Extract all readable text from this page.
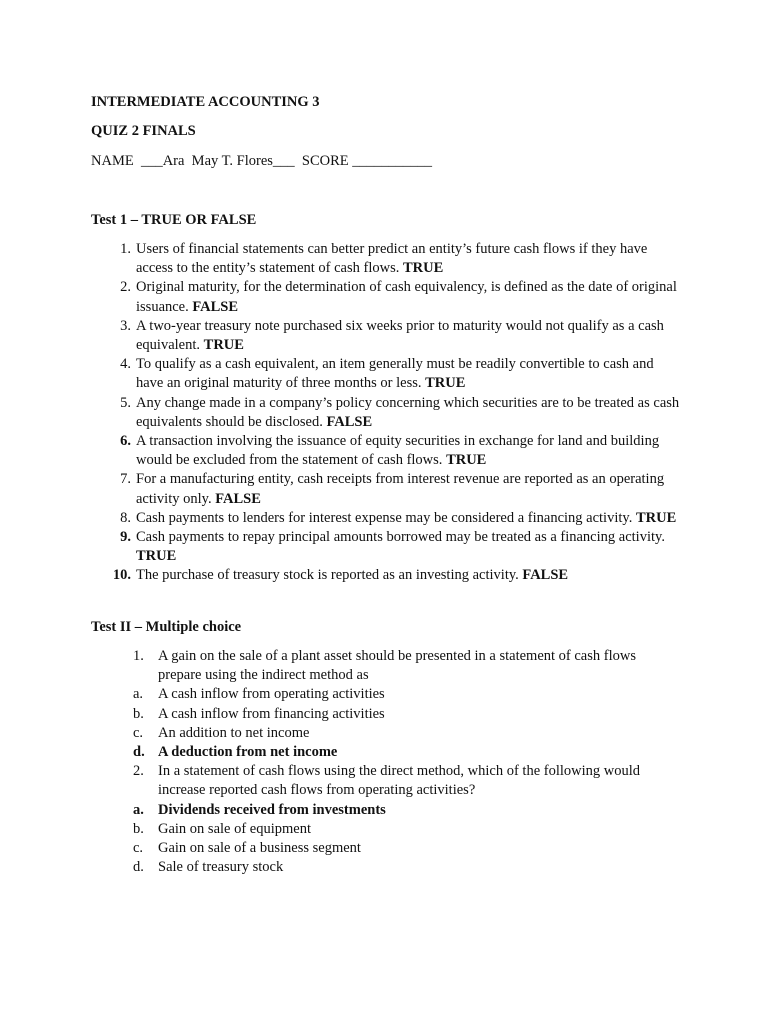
INTERMEDIATE ACCOUNTING 3
QUIZ 2 FINALS
NAME  ___Ara  May T. Flores___  SCORE ___________
Test 1 – TRUE OR FALSE
1. Users of financial statements can better predict an entity’s future cash flows if they have access to the entity’s statement of cash flows. TRUE
2. Original maturity, for the determination of cash equivalency, is defined as the date of original issuance. FALSE
3. A two-year treasury note purchased six weeks prior to maturity would not qualify as a cash equivalent. TRUE
4. To qualify as a cash equivalent, an item generally must be readily convertible to cash and have an original maturity of three months or less. TRUE
5. Any change made in a company’s policy concerning which securities are to be treated as cash equivalents should be disclosed. FALSE
6. A transaction involving the issuance of equity securities in exchange for land and building would be excluded from the statement of cash flows. TRUE
7. For a manufacturing entity, cash receipts from interest revenue are reported as an operating activity only. FALSE
8. Cash payments to lenders for interest expense may be considered a financing activity. TRUE
9. Cash payments to repay principal amounts borrowed may be treated as a financing activity. TRUE
10. The purchase of treasury stock is reported as an investing activity. FALSE
Test II – Multiple choice
1. A gain on the sale of a plant asset should be presented in a statement of cash flows prepare using the indirect method as
a.	A cash inflow from operating activities
b. A cash inflow from financing activities
c.	An addition to net income
d. A deduction from net income
2. In a statement of cash flows using the direct method, which of the following would increase reported cash flows from operating activities?
a. Dividends received from investments
b. Gain on sale of equipment
c.	Gain on sale of a business segment
d. Sale of treasury stock
